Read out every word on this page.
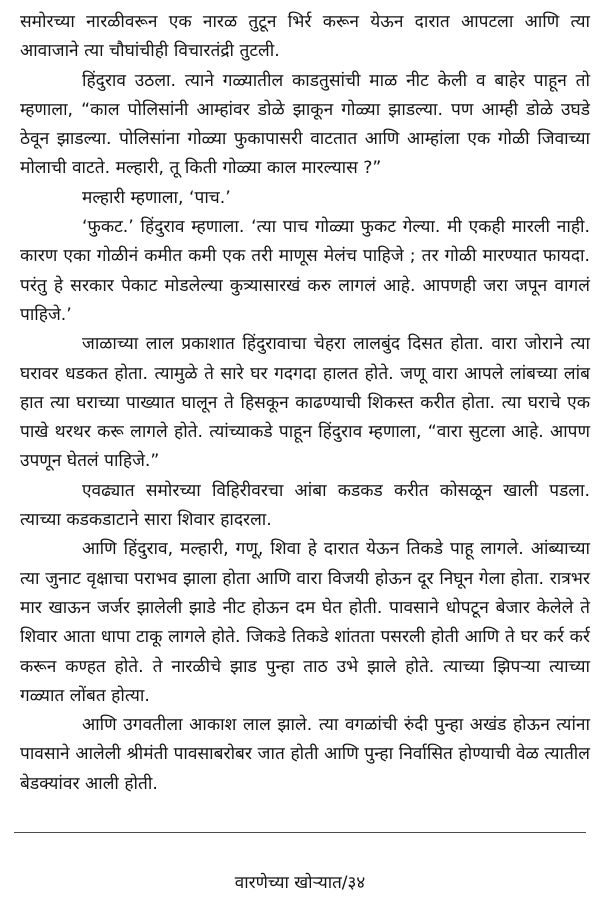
समोरच्या नारळीवरून एक नारळ तुटून भिर्र करून येऊन दारात आपटला आणि त्या आवाजाने त्या चौघांचीही विचारतंद्री तुटली.

हिंदुराव उठला. त्याने गळ्यातील काडतुसांची माळ नीट केली व बाहेर पाहून तो म्हणाला, “काल पोलिसांनी आम्हांवर डोळे झाकून गोळ्या झाडल्या. पण आम्ही डोळे उघडे ठेवून झाडल्या. पोलिसांना गोळ्या फुकापासरी वाटतात आणि आम्हांला एक गोळी जिवाच्या मोलाची वाटते. मल्हारी, तू किती गोळ्या काल मारल्यास ?”

मल्हारी म्हणाला, ‘पाच.’

‘फुकट.’ हिंदुराव म्हणाला. ‘त्या पाच गोळ्या फुकट गेल्या. मी एकही मारली नाही. कारण एका गोळीनं कमीत कमी एक तरी माणूस मेलंच पाहिजे ; तर गोळी मारण्यात फायदा. परंतु हे सरकार पेकाट मोडलेल्या कुत्र्यासारखं करु लागलं आहे. आपणही जरा जपून वागलं पाहिजे.’

जाळाच्या लाल प्रकाशात हिंदुरावाचा चेहरा लालबुंद दिसत होता. वारा जोराने त्या घरावर धडकत होता. त्यामुळे ते सारे घर गदगदा हालत होते. जणू वारा आपले लांबच्या लांब हात त्या घराच्या पाख्यात घालून ते हिसकून काढण्याची शिकस्त करीत होता. त्या घराचे एक पाखे थरथर करू लागले होते. त्यांच्याकडे पाहून हिंदुराव म्हणाला, “वारा सुटला आहे. आपण उपणून घेतलं पाहिजे.”

एवढ्यात समोरच्या विहिरीवरचा आंबा कडकड करीत कोसळून खाली पडला. त्याच्या कडकडाटाने सारा शिवार हादरला.

आणि हिंदुराव, मल्हारी, गणू, शिवा हे दारात येऊन तिकडे पाहू लागले. आंब्याच्या त्या जुनाट वृक्षाचा पराभव झाला होता आणि वारा विजयी होऊन दूर निघून गेला होता. रात्रभर मार खाऊन जर्जर झालेली झाडे नीट होऊन दम घेत होती. पावसाने धोपटून बेजार केलेले ते शिवार आता धापा टाकू लागले होते. जिकडे तिकडे शांतता पसरली होती आणि ते घर कर्र कर्र करून कण्हत होते. ते नारळीचे झाड पुन्हा ताठ उभे झाले होते. त्याच्या झिपऱ्या त्याच्या गळ्यात लोंबत होत्या.

आणि उगवतीला आकाश लाल झाले. त्या वगळांची रुंदी पुन्हा अखंड होऊन त्यांना पावसाने आलेली श्रीमंती पावसाबरोबर जात होती आणि पुन्हा निर्वासित होण्याची वेळ त्यातील बेडक्यांवर आली होती.

वारणेच्या खोऱ्यात/३४
